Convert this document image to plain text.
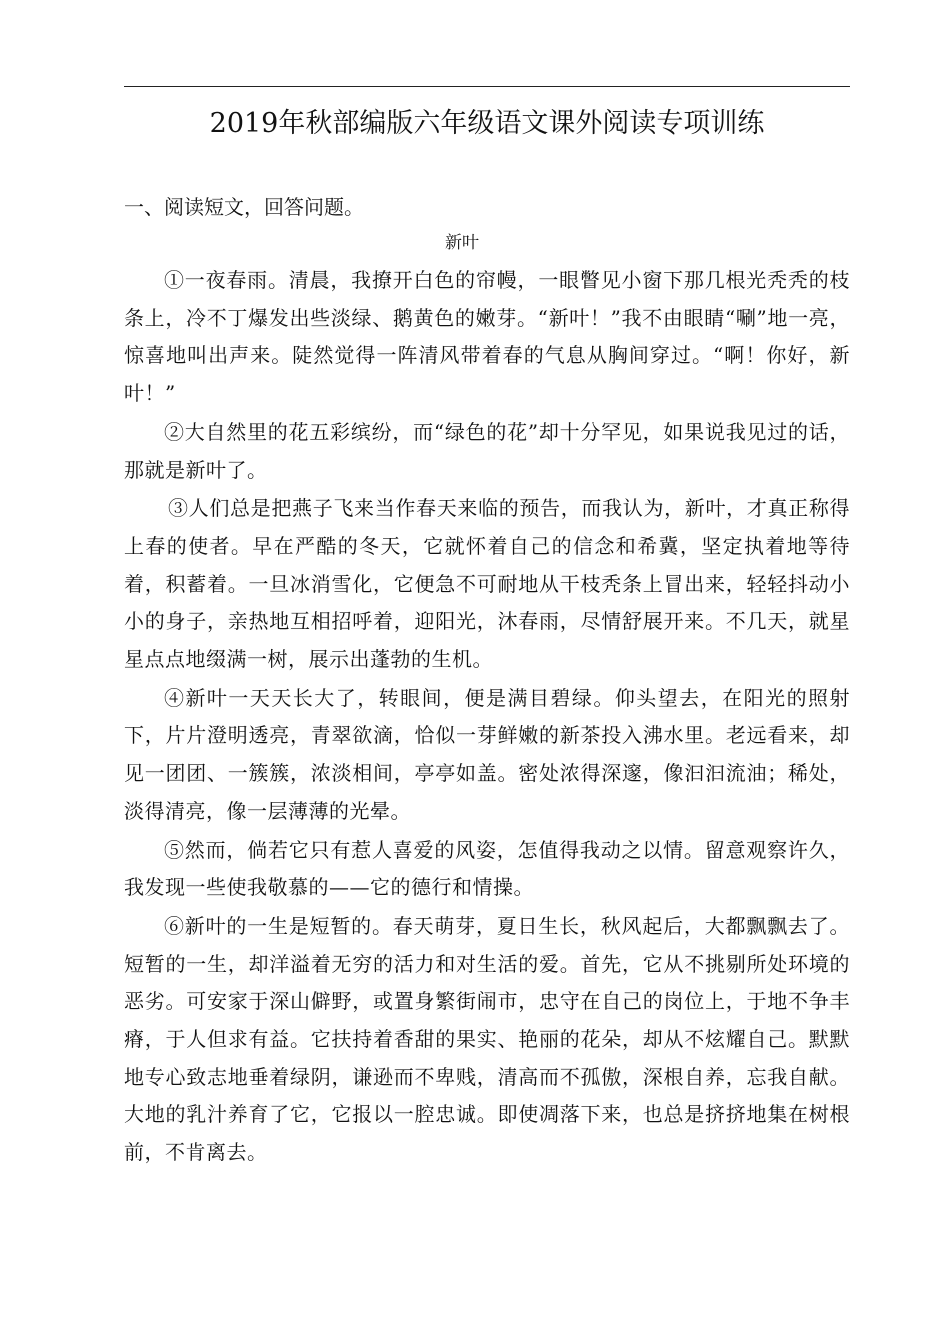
2019年秋部编版六年级语文课外阅读专项训练
一、阅读短文，回答问题。
新叶

①一夜春雨。清晨，我撩开白色的帘幔，一眼瞥见小窗下那几根光秃秃的枝条上，冷不丁爆发出些淡绿、鹅黄色的嫩芽。“新叶！”我不由眼睛“唰”地一亮，惊喜地叫出声来。陡然觉得一阵清风带着春的气息从胸间穿过。“啊！你好，新叶！”

②大自然里的花五彩缤纷，而“绿色的花”却十分罕见，如果说我见过的话，那就是新叶了。

③人们总是把燕子飞来当作春天来临的预告，而我认为，新叶，才真正称得上春的使者。早在严酷的冬天，它就怀着自己的信念和希冀，坚定执着地等待着，积蓄着。一旦冰消雪化，它便急不可耐地从干枝秃条上冒出来，轻轻抖动小小的身子，亲热地互相招呼着，迎阳光，沐春雨，尽情舒展开来。不几天，就星星点点地缀满一树，展示出蓬勃的生机。

④新叶一天天长大了，转眼间，便是满目碧绿。仰头望去，在阳光的照射下，片片澄明透亮，青翠欲滴，恰似一芽鲜嫩的新茶投入沸水里。老远看来，却见一团团、一簇簇，浓淡相间，亭亭如盖。密处浓得深邃，像汩汩流油；稀处，淡得清亮，像一层薄薄的光晕。

⑤然而，倘若它只有惹人喜爱的风姿，怎值得我动之以情。留意观察许久，我发现一些使我敬慕的——它的德行和情操。

⑥新叶的一生是短暂的。春天萌芽，夏日生长，秋风起后，大都飘飘去了。短暂的一生，却洋溢着无穷的活力和对生活的爱。首先，它从不挑剔所处环境的恶劣。可安家于深山僻野，或置身繁街闹市，忠守在自己的岗位上，于地不争丰瘠，于人但求有益。它扶持着香甜的果实、艳丽的花朵，却从不炫耀自己。默默地专心致志地垂着绿阴，谦逊而不卑贱，清高而不孤傲，深根自养，忘我自献。大地的乳汁养育了它，它报以一腔忠诚。即使凋落下来，也总是挤挤地集在树根前，不肯离去。
